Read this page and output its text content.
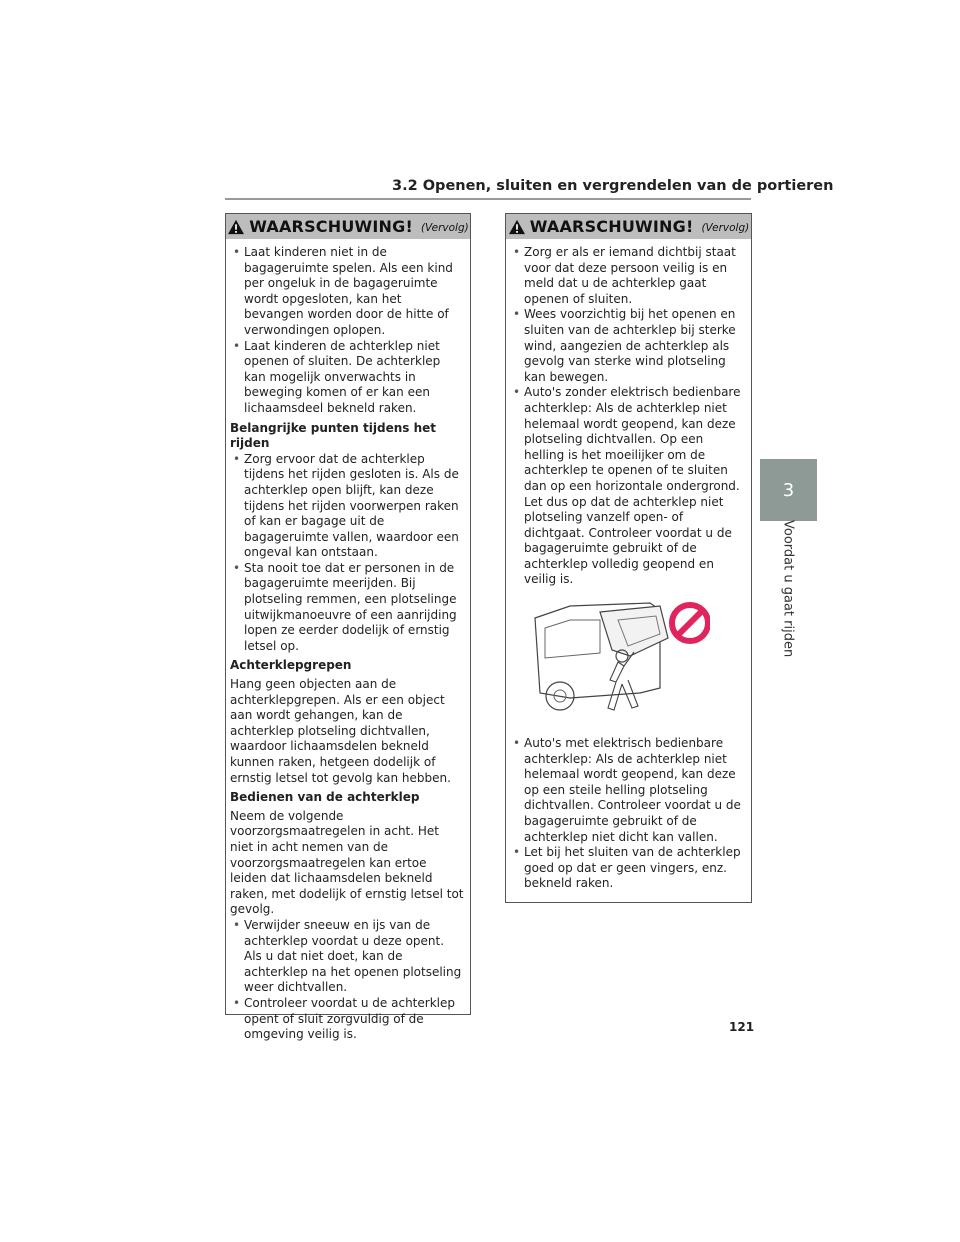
3.2 Openen, sluiten en vergrendelen van de portieren
WAARSCHUWING! (Vervolg)
• Laat kinderen niet in de bagageruimte spelen. Als een kind per ongeluk in de bagageruimte wordt opgesloten, kan het bevangen worden door de hitte of verwondingen oplopen.
• Laat kinderen de achterklep niet openen of sluiten. De achterklep kan mogelijk onverwachts in beweging komen of er kan een lichaamsdeel bekneld raken.
Belangrijke punten tijdens het rijden
• Zorg ervoor dat de achterklep tijdens het rijden gesloten is. Als de achterklep open blijft, kan deze tijdens het rijden voorwerpen raken of kan er bagage uit de bagageruimte vallen, waardoor een ongeval kan ontstaan.
• Sta nooit toe dat er personen in de bagageruimte meerijden. Bij plotseling remmen, een plotselinge uitwijkmanoeuvre of een aanrijding lopen ze eerder dodelijk of ernstig letsel op.
Achterklepgrepen
Hang geen objecten aan de achterklepgrepen. Als er een object aan wordt gehangen, kan de achterklep plotseling dichtvallen, waardoor lichaamsdelen bekneld kunnen raken, hetgeen dodelijk of ernstig letsel tot gevolg kan hebben.
Bedienen van de achterklep
Neem de volgende voorzorgsmaatregelen in acht. Het niet in acht nemen van de voorzorgsmaatregelen kan ertoe leiden dat lichaamsdelen bekneld raken, met dodelijk of ernstig letsel tot gevolg.
• Verwijder sneeuw en ijs van de achterklep voordat u deze opent. Als u dat niet doet, kan de achterklep na het openen plotseling weer dichtvallen.
• Controleer voordat u de achterklep opent of sluit zorgvuldig of de omgeving veilig is.
WAARSCHUWING! (Vervolg)
• Zorg er als er iemand dichtbij staat voor dat deze persoon veilig is en meld dat u de achterklep gaat openen of sluiten.
• Wees voorzichtig bij het openen en sluiten van de achterklep bij sterke wind, aangezien de achterklep als gevolg van sterke wind plotseling kan bewegen.
• Auto's zonder elektrisch bedienbare achterklep: Als de achterklep niet helemaal wordt geopend, kan deze plotseling dichtvallen. Op een helling is het moeilijker om de achterklep te openen of te sluiten dan op een horizontale ondergrond. Let dus op dat de achterklep niet plotseling vanzelf open- of dichtgaat. Controleer voordat u de bagageruimte gebruikt of de achterklep volledig geopend en veilig is.
• Auto's met elektrisch bedienbare achterklep: Als de achterklep niet helemaal wordt geopend, kan deze op een steile helling plotseling dichtvallen. Controleer voordat u de bagageruimte gebruikt of de achterklep niet dicht kan vallen.
• Let bij het sluiten van de achterklep goed op dat er geen vingers, enz. bekneld raken.
3
Voordat u gaat rijden
121
